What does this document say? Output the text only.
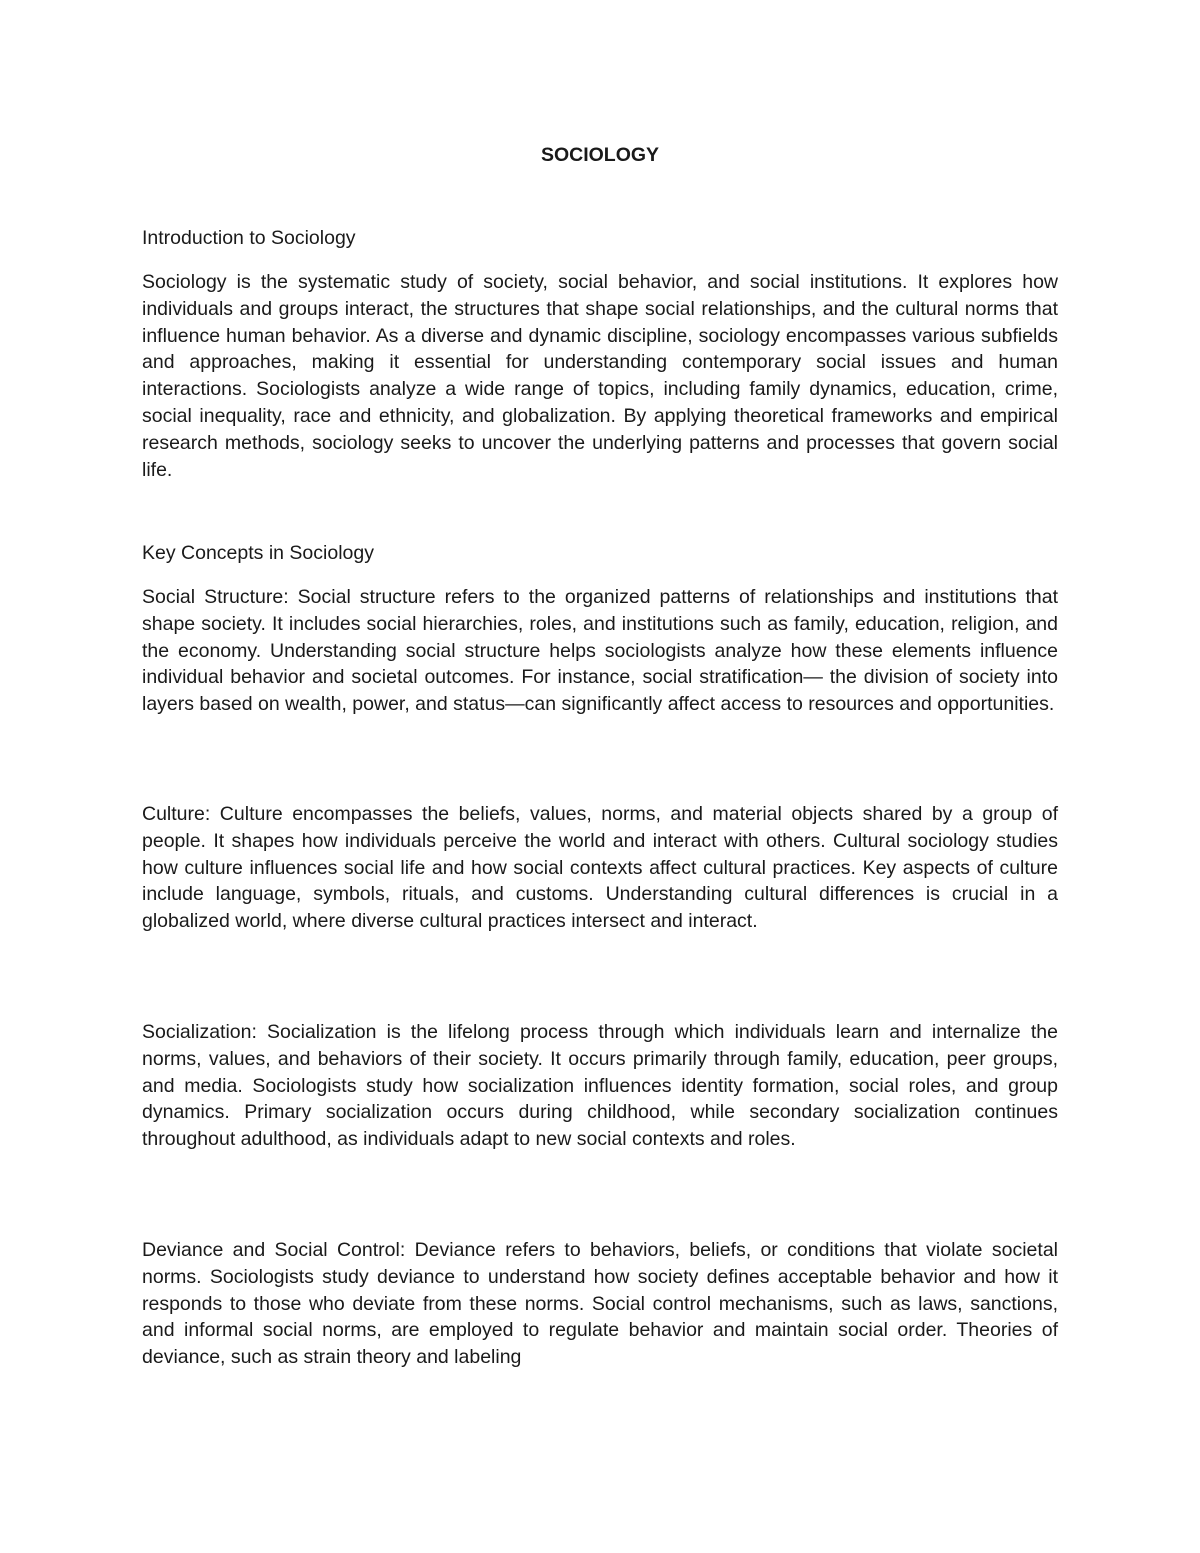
SOCIOLOGY
Introduction to Sociology

Sociology is the systematic study of society, social behavior, and social institutions. It explores how individuals and groups interact, the structures that shape social relationships, and the cultural norms that influence human behavior. As a diverse and dynamic discipline, sociology encompasses various subfields and approaches, making it essential for understanding contemporary social issues and human interactions. Sociologists analyze a wide range of topics, including family dynamics, education, crime, social inequality, race and ethnicity, and globalization. By applying theoretical frameworks and empirical research methods, sociology seeks to uncover the underlying patterns and processes that govern social life.

Key Concepts in Sociology

Social Structure: Social structure refers to the organized patterns of relationships and institutions that shape society. It includes social hierarchies, roles, and institutions such as family, education, religion, and the economy. Understanding social structure helps sociologists analyze how these elements influence individual behavior and societal outcomes. For instance, social stratification— the division of society into layers based on wealth, power, and status—can significantly affect access to resources and opportunities.

Culture: Culture encompasses the beliefs, values, norms, and material objects shared by a group of people. It shapes how individuals perceive the world and interact with others. Cultural sociology studies how culture influences social life and how social contexts affect cultural practices. Key aspects of culture include language, symbols, rituals, and customs. Understanding cultural differences is crucial in a globalized world, where diverse cultural practices intersect and interact.

Socialization: Socialization is the lifelong process through which individuals learn and internalize the norms, values, and behaviors of their society. It occurs primarily through family, education, peer groups, and media. Sociologists study how socialization influences identity formation, social roles, and group dynamics. Primary socialization occurs during childhood, while secondary socialization continues throughout adulthood, as individuals adapt to new social contexts and roles.

Deviance and Social Control: Deviance refers to behaviors, beliefs, or conditions that violate societal norms. Sociologists study deviance to understand how society defines acceptable behavior and how it responds to those who deviate from these norms. Social control mechanisms, such as laws, sanctions, and informal social norms, are employed to regulate behavior and maintain social order. Theories of deviance, such as strain theory and labeling
